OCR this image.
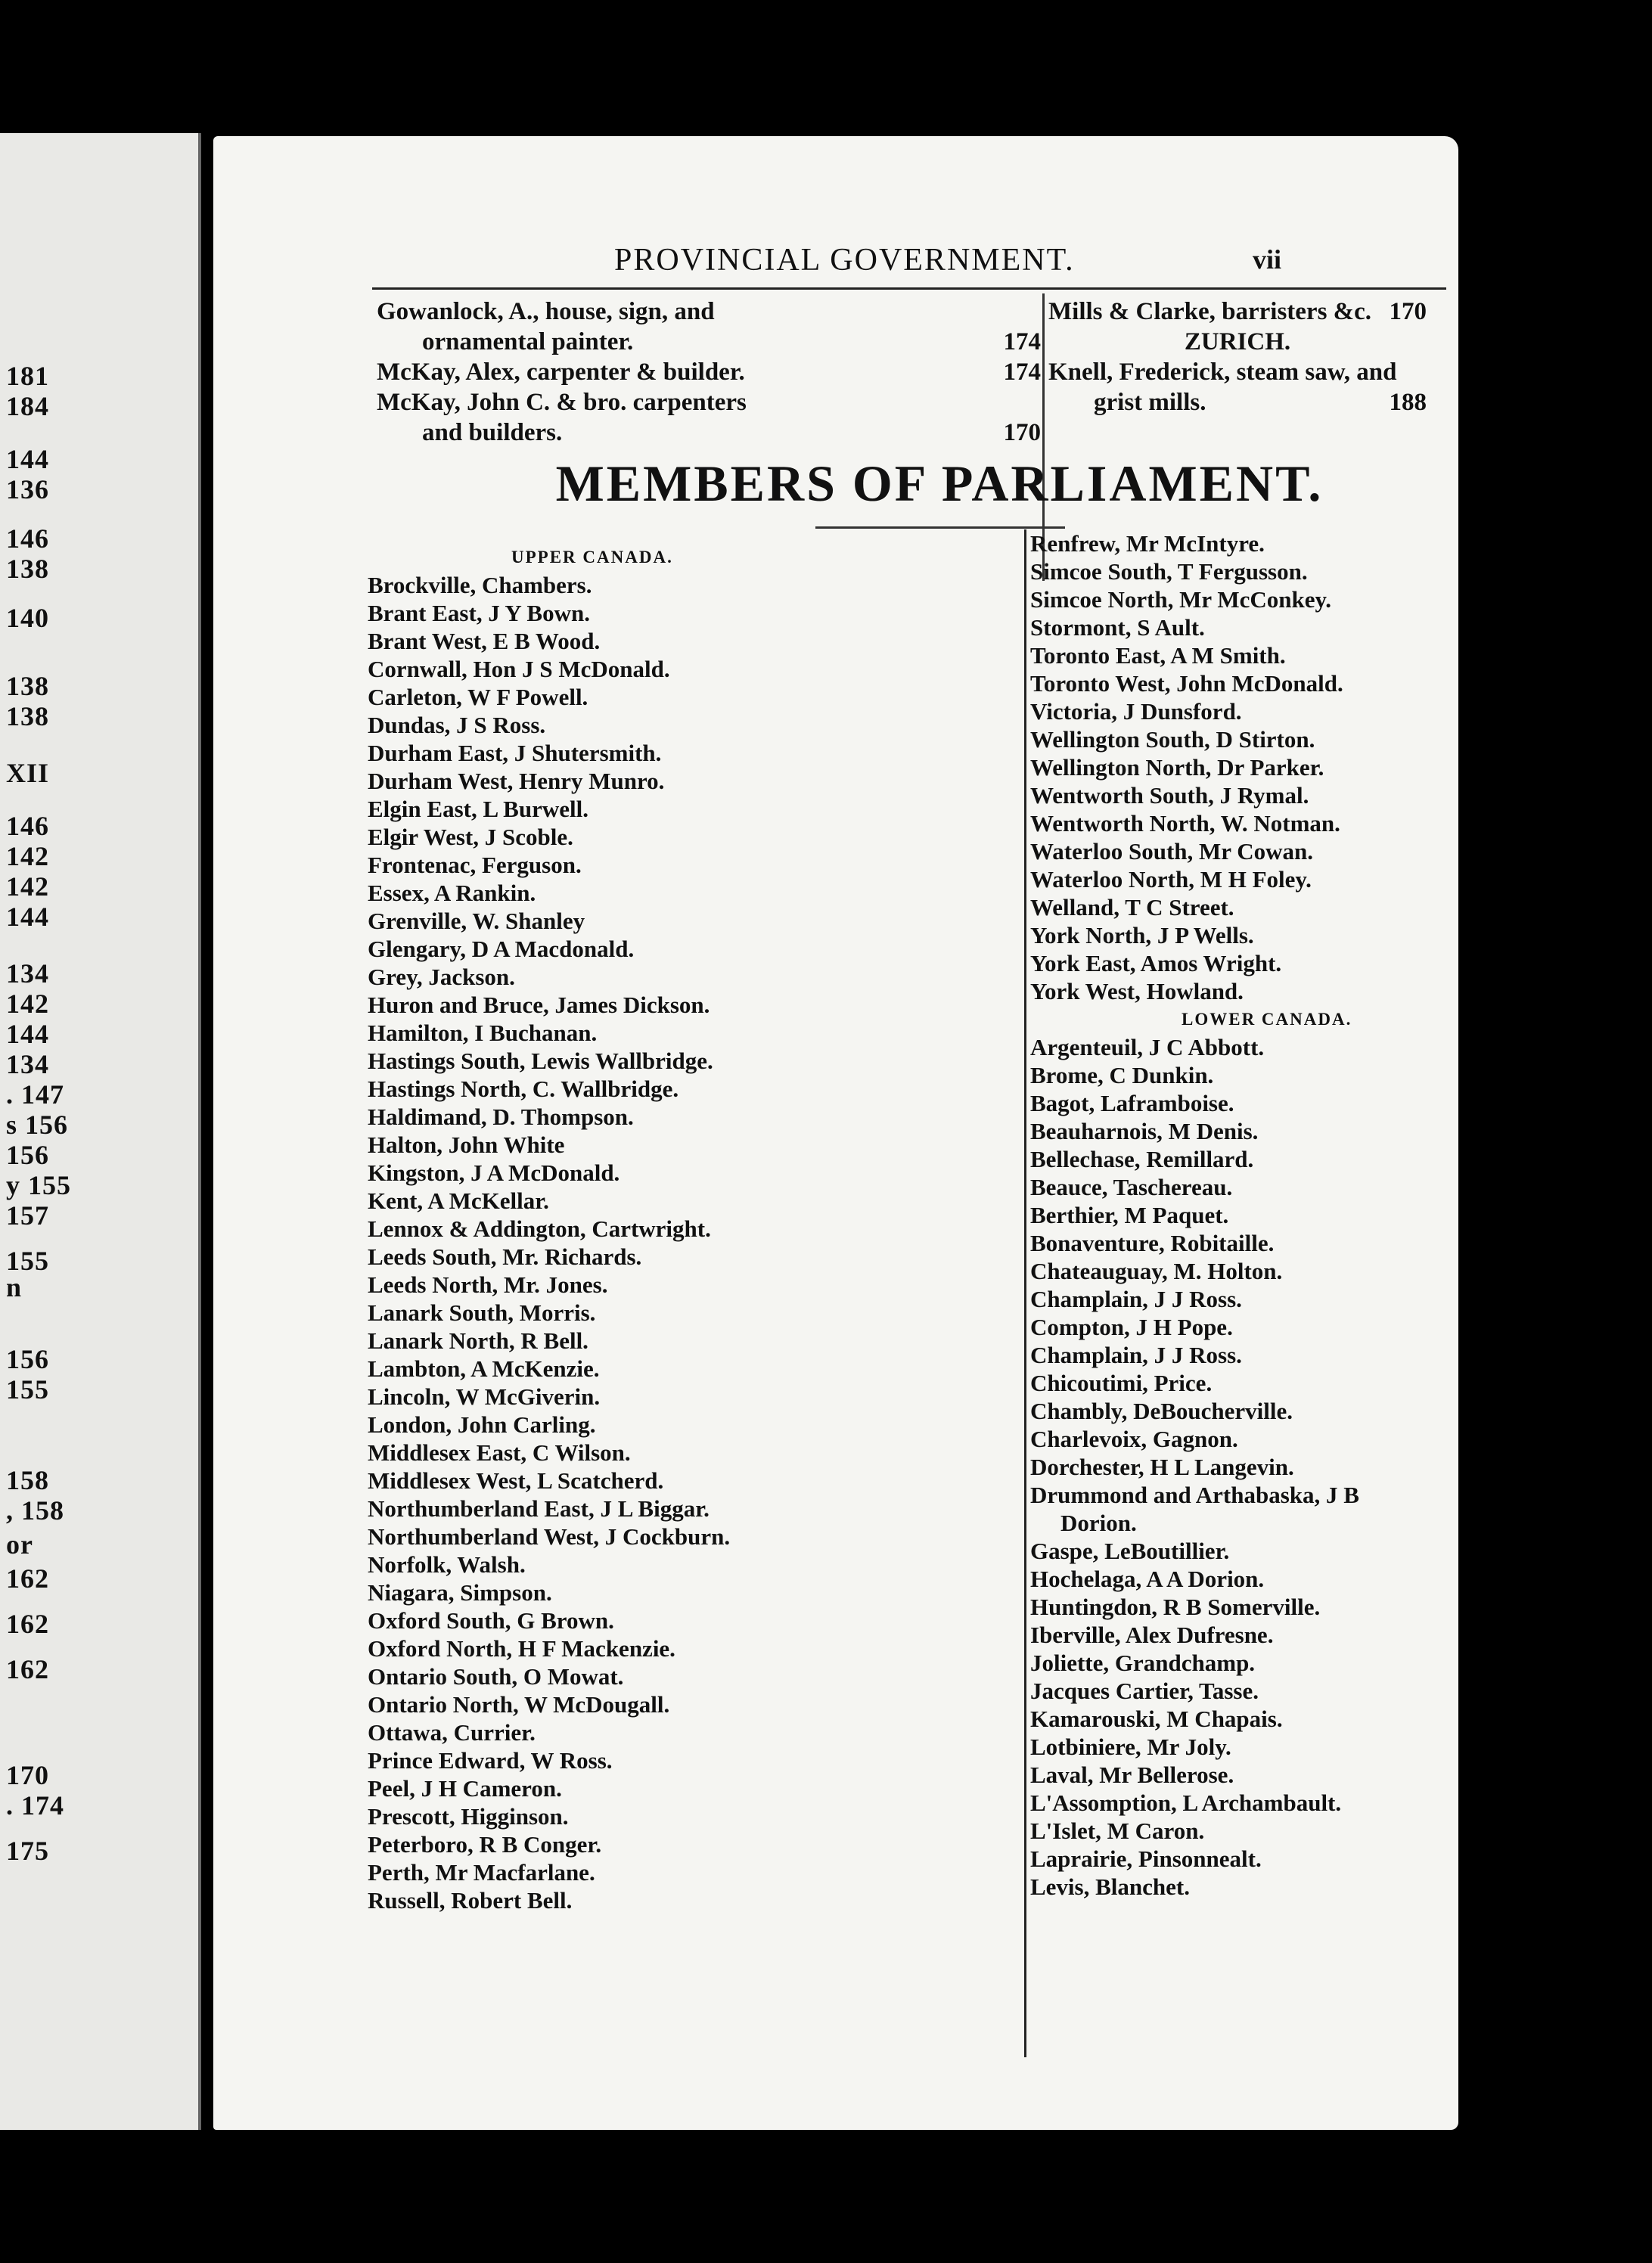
181
184
144
136
146
138
140
138
138
XII
146
142
142
144
134
142
144
134
. 147
s 156
156
y 155
157
155
n
156
155
158
, 158
or
162
162
162
170
. 174
175
PROVINCIAL GOVERNMENT.	vii
Gowanlock, A., house, sign, and
ornamental painter.	174
McKay, Alex, carpenter & builder.	174
McKay, John C. & bro. carpenters
and builders.	170
Mills & Clarke, barristers &c. 170
ZURICH.
Knell, Frederick, steam saw, and
grist mills.	188
MEMBERS OF PARLIAMENT.
UPPER CANADA.
Brockville, Chambers.
Brant East, J Y Bown.
Brant West, E B Wood.
Cornwall, Hon J S McDonald.
Carleton, W F Powell.
Dundas, J S Ross.
Durham East, J Shutersmith.
Durham West, Henry Munro.
Elgin East, L Burwell.
Elgir West, J Scoble.
Frontenac, Ferguson.
Essex, A Rankin.
Grenville, W. Shanley
Glengary, D A Macdonald.
Grey, Jackson.
Huron and Bruce, James Dickson.
Hamilton, I Buchanan.
Hastings South, Lewis Wallbridge.
Hastings North, C. Wallbridge.
Haldimand, D. Thompson.
Halton, John White
Kingston, J A McDonald.
Kent, A McKellar.
Lennox & Addington, Cartwright.
Leeds South, Mr. Richards.
Leeds North, Mr. Jones.
Lanark South, Morris.
Lanark North, R Bell.
Lambton, A McKenzie.
Lincoln, W McGiverin.
London, John Carling.
Middlesex East, C Wilson.
Middlesex West, L Scatcherd.
Northumberland East, J L Biggar.
Northumberland West, J Cockburn.
Norfolk, Walsh.
Niagara, Simpson.
Oxford South, G Brown.
Oxford North, H F Mackenzie.
Ontario South, O Mowat.
Ontario North, W McDougall.
Ottawa, Currier.
Prince Edward, W Ross.
Peel, J H Cameron.
Prescott, Higginson.
Peterboro, R B Conger.
Perth, Mr Macfarlane.
Russell, Robert Bell.
Renfrew, Mr McIntyre.
Simcoe South, T Fergusson.
Simcoe North, Mr McConkey.
Stormont, S Ault.
Toronto East, A M Smith.
Toronto West, John McDonald.
Victoria, J Dunsford.
Wellington South, D Stirton.
Wellington North, Dr Parker.
Wentworth South, J Rymal.
Wentworth North, W. Notman.
Waterloo South, Mr Cowan.
Waterloo North, M H Foley.
Welland, T C Street.
York North, J P Wells.
York East, Amos Wright.
York West, Howland.
LOWER CANADA.
Argenteuil, J C Abbott.
Brome, C Dunkin.
Bagot, Laframboise.
Beauharnois, M Denis.
Bellechase, Remillard.
Beauce, Taschereau.
Berthier, M Paquet.
Bonaventure, Robitaille.
Chateauguay, M. Holton.
Champlain, J J Ross.
Compton, J H Pope.
Champlain, J J Ross.
Chicoutimi, Price.
Chambly, DeBoucherville.
Charlevoix, Gagnon.
Dorchester, H L Langevin.
Drummond and Arthabaska, J B
Dorion.
Gaspe, LeBoutillier.
Hochelaga, A A Dorion.
Huntingdon, R B Somerville.
Iberville, Alex Dufresne.
Joliette, Grandchamp.
Jacques Cartier, Tasse.
Kamarouski, M Chapais.
Lotbiniere, Mr Joly.
Laval, Mr Bellerose.
L'Assomption, L Archambault.
L'Islet, M Caron.
Laprairie, Pinsonnealt.
Levis, Blanchet.
